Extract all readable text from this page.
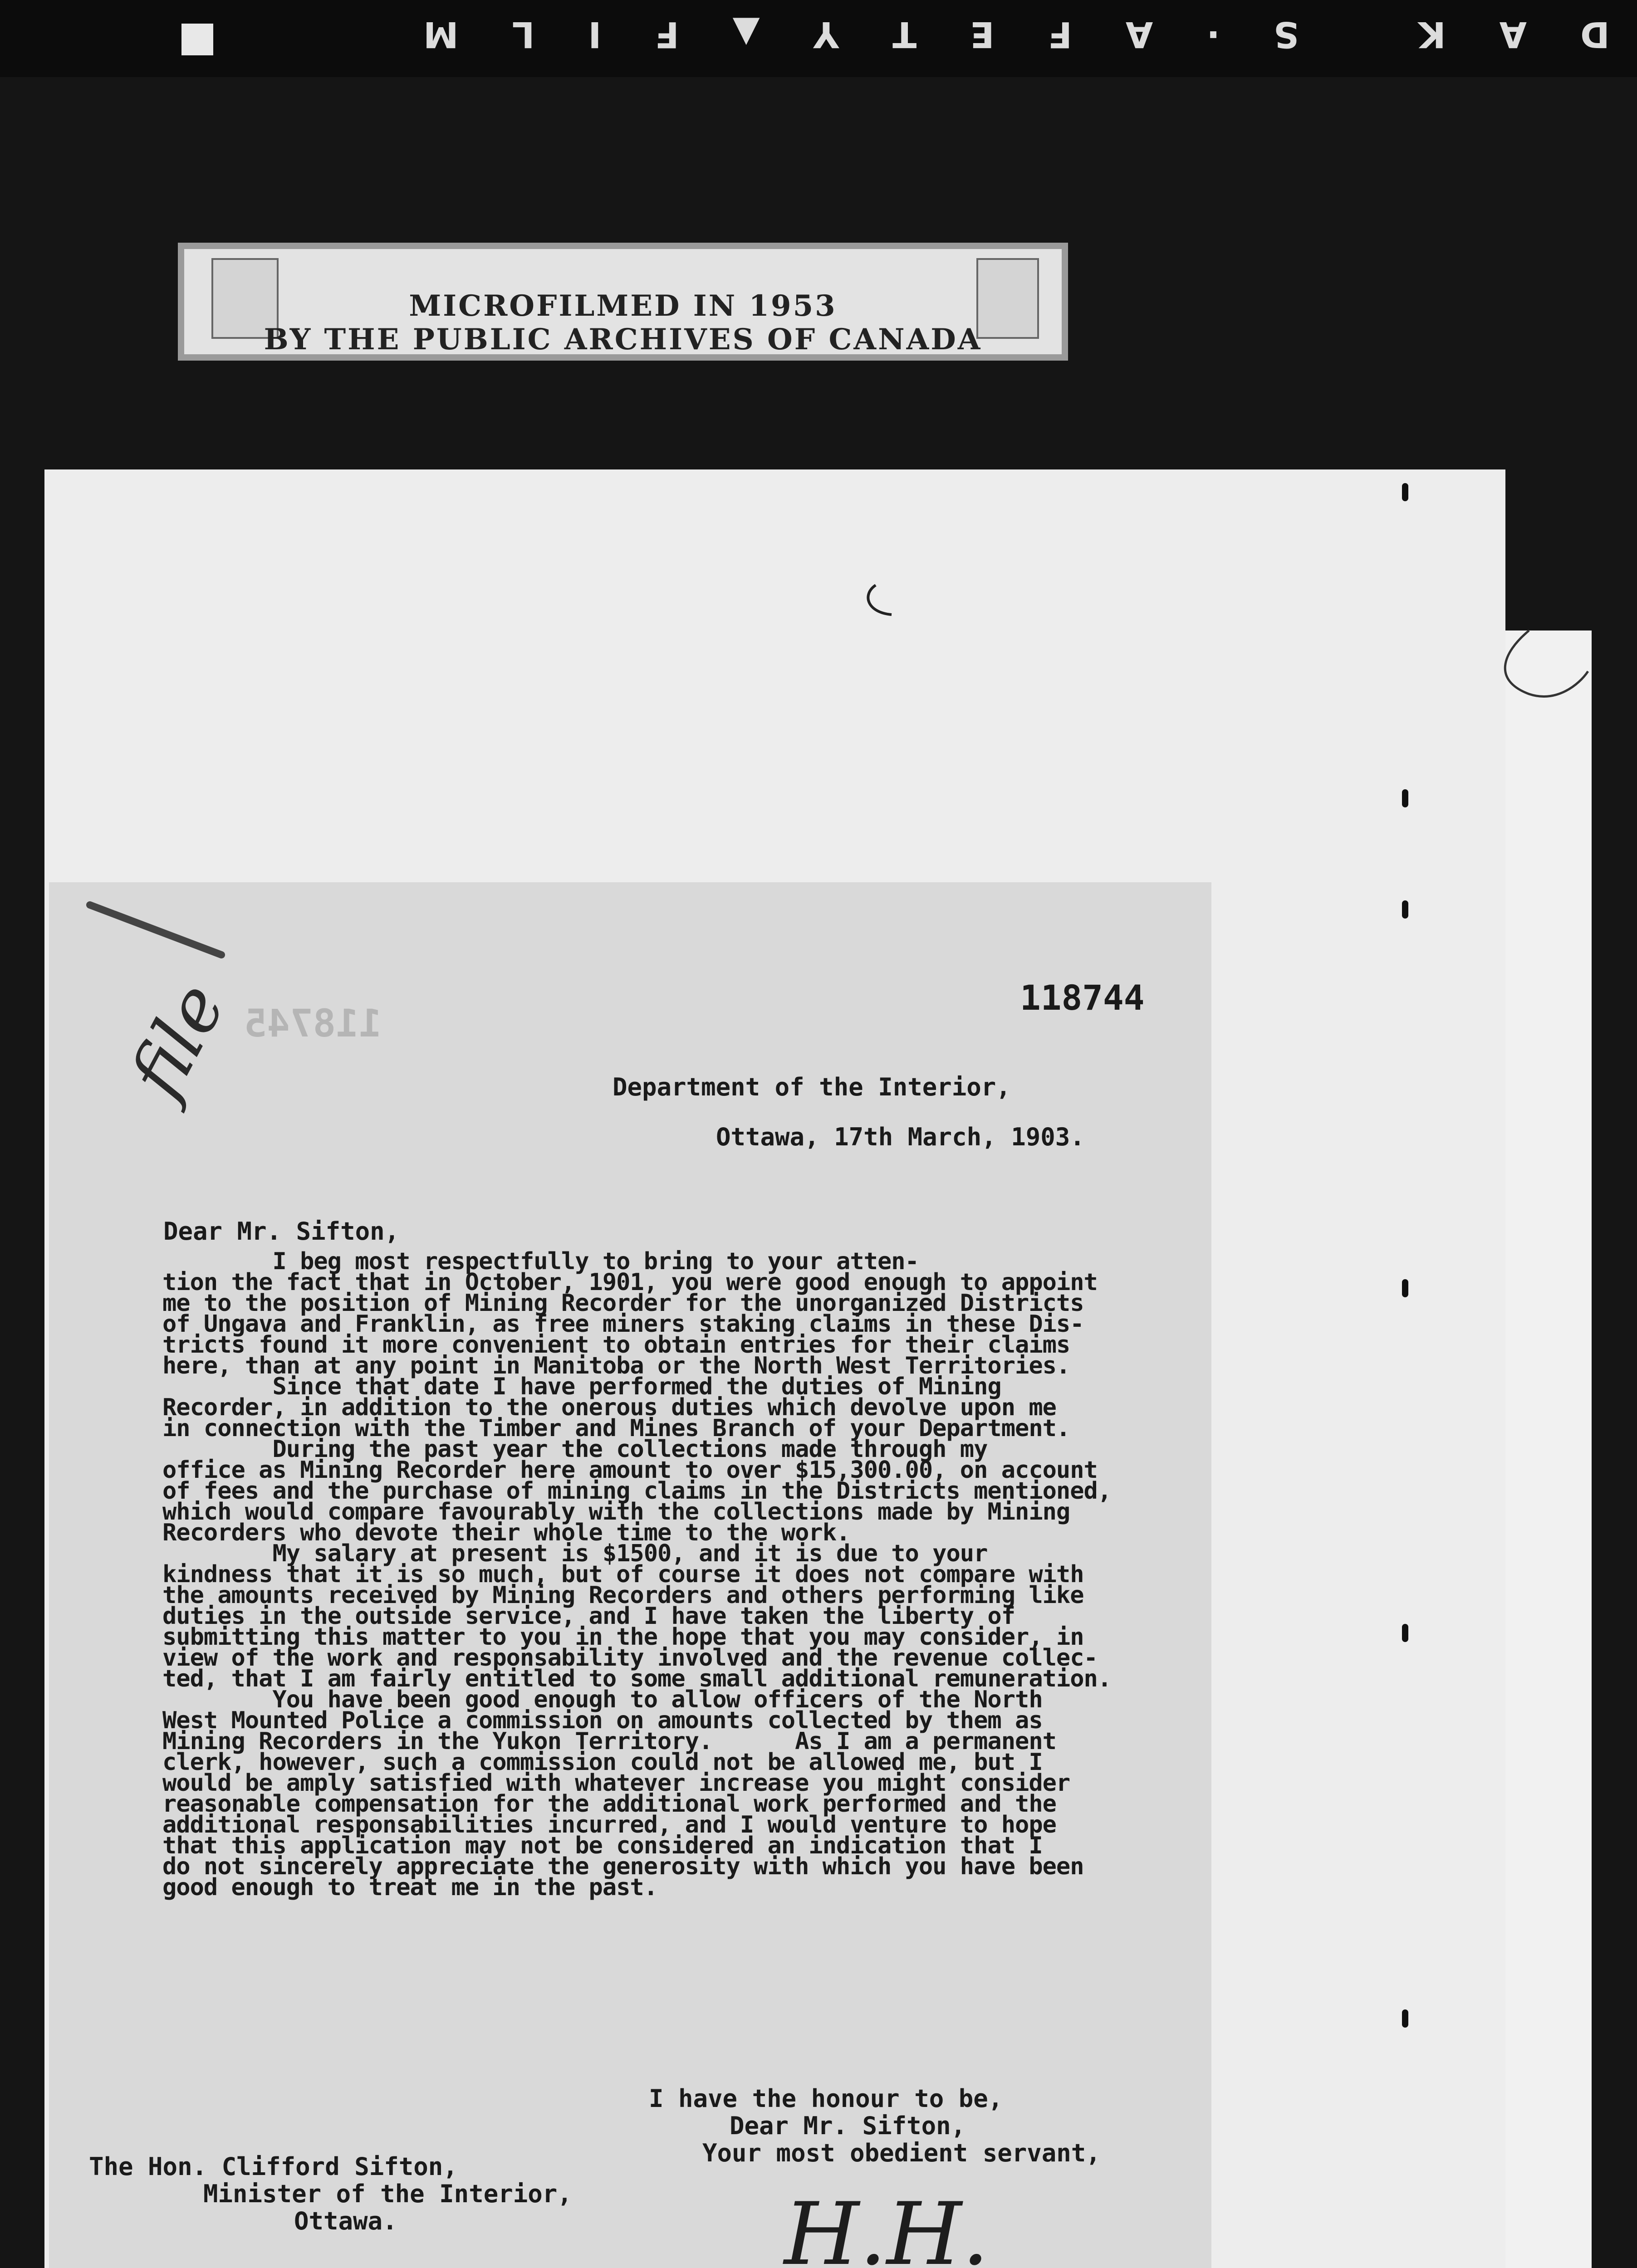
DAK S·AFETY▲FILM
MICROFILMED IN 1953
BY THE PUBLIC ARCHIVES OF CANADA
file 118745
118744
Department of the Interior,
Ottawa, 17th March, 1903.
Dear Mr. Sifton,
I beg most respectfully to bring to your atten-
tion the fact that in October, 1901, you were good enough to appoint
me to the position of Mining Recorder for the unorganized Districts
of Ungava and Franklin, as free miners staking claims in these Dis-
tricts found it more convenient to obtain entries for their claims
here, than at any point in Manitoba or the North West Territories.
Since that date I have performed the duties of Mining
Recorder, in addition to the onerous duties which devolve upon me
in connection with the Timber and Mines Branch of your Department.
During the past year the collections made through my
office as Mining Recorder here amount to over $15,300.00, on account
of fees and the purchase of mining claims in the Districts mentioned,
which would compare favourably with the collections made by Mining
Recorders who devote their whole time to the work.
My salary at present is $1500, and it is due to your
kindness that it is so much, but of course it does not compare with
the amounts received by Mining Recorders and others performing like
duties in the outside service, and I have taken the liberty of
submitting this matter to you in the hope that you may consider, in
view of the work and responsability involved and the revenue collec-
ted, that I am fairly entitled to some small additional remuneration.
You have been good enough to allow officers of the North
West Mounted Police a commission on amounts collected by them as
Mining Recorders in the Yukon Territory.      As I am a permanent
clerk, however, such a commission could not be allowed me, but I
would be amply satisfied with whatever increase you might consider
reasonable compensation for the additional work performed and the
additional responsabilities incurred, and I would venture to hope
that this application may not be considered an indication that I
do not sincerely appreciate the generosity with which you have been
good enough to treat me in the past.
I have the honour to be,
Dear Mr. Sifton,
Your most obedient servant,
The Hon. Clifford Sifton,
Minister of the Interior,
Ottawa.	H.H.
